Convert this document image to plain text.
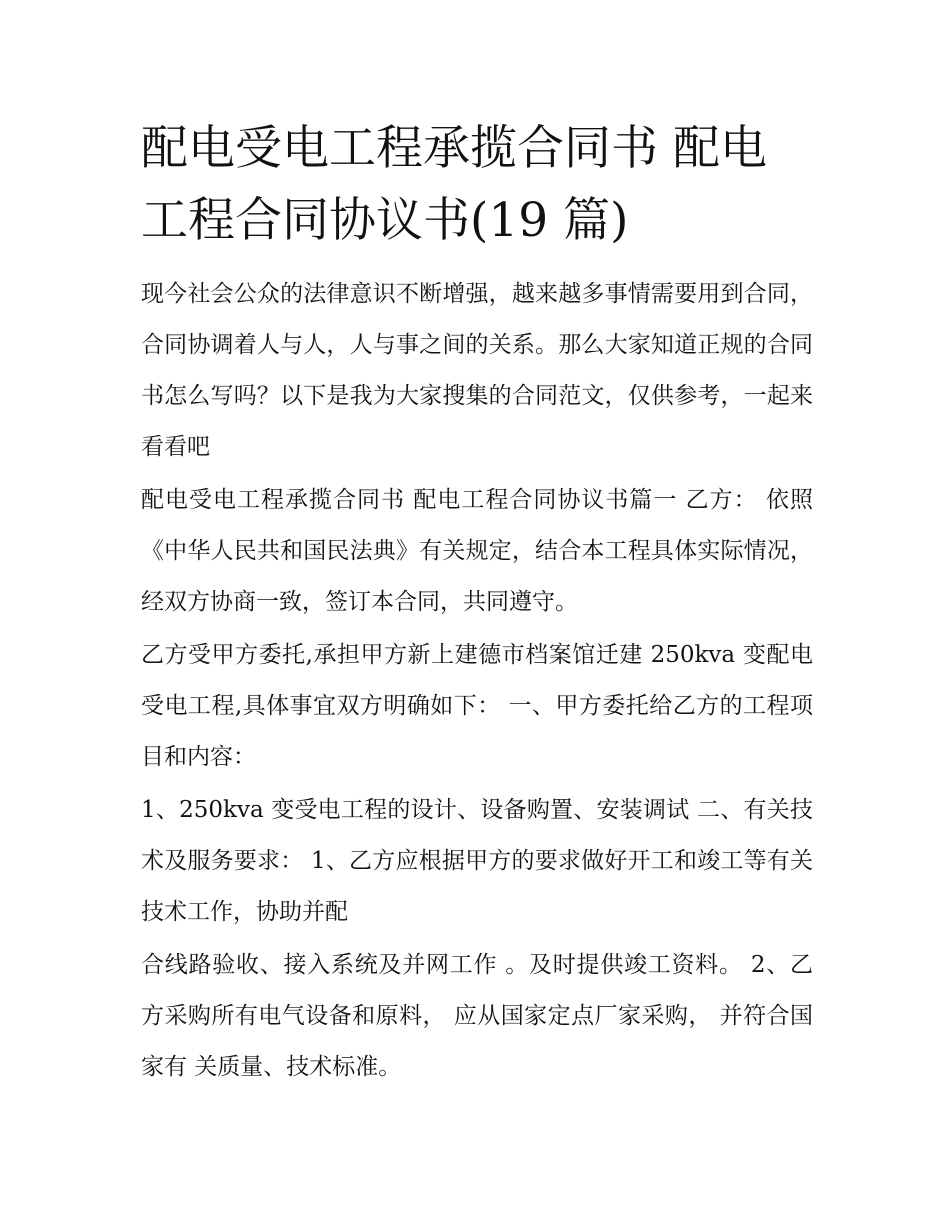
配电受电工程承揽合同书 配电
工程合同协议书(19 篇)

现今社会公众的法律意识不断增强，越来越多事情需要用到合同，合同协调着人与人，人与事之间的关系。那么大家知道正规的合同书怎么写吗？以下是我为大家搜集的合同范文，仅供参考，一起来看看吧

配电受电工程承揽合同书 配电工程合同协议书篇一 乙方： 依照《中华人民共和国民法典》有关规定，结合本工程具体实际情况，经双方协商一致，签订本合同，共同遵守。

乙方受甲方委托,承担甲方新上建德市档案馆迁建 250kva 变配电受电工程,具体事宜双方明确如下： 一、甲方委托给乙方的工程项目和内容：

1、250kva 变受电工程的设计、设备购置、安装调试 二、有关技术及服务要求： 1、乙方应根据甲方的要求做好开工和竣工等有关技术工作，协助并配

合线路验收、接入系统及并网工作 。及时提供竣工资料。 2、乙方采购所有电气设备和原料， 应从国家定点厂家采购， 并符合国家有 关质量、技术标准。
